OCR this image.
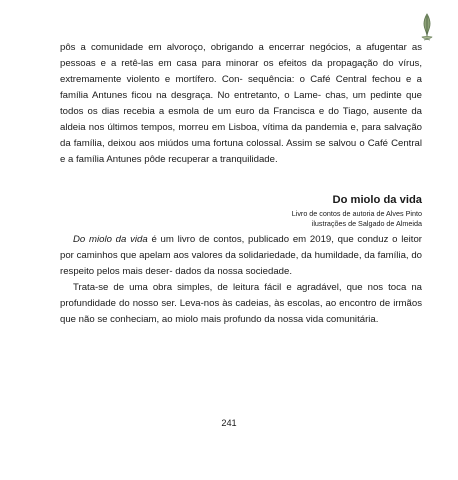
pôs a comunidade em alvoroço, obrigando a encerrar negócios, a afugentar as pessoas e a retê-las em casa para minorar os efeitos da propagação do vírus, extremamente violento e mortífero. Con- sequência: o Café Central fechou e a família Antunes ficou na desgraça. No entretanto, o Lame- chas, um pedinte que todos os dias recebia a esmola de um euro da Francisca e do Tiago, ausente da aldeia nos últimos tempos, morreu em Lisboa, vítima da pandemia e, para salvação da família, deixou aos miúdos uma fortuna colossal. Assim se salvou o Café Central e a família Antunes pôde recuperar a tranquilidade.

Do miolo da vida

Livro de contos de autoria de Alves Pinto
ilustrações de Salgado de Almeida

Do miolo da vida é um livro de contos, publicado em 2019, que conduz o leitor por caminhos que apelam aos valores da solidariedade, da humildade, da família, do respeito pelos mais deser- dados da nossa sociedade.

Trata-se de uma obra simples, de leitura fácil e agradável, que nos toca na profundidade do nosso ser. Leva-nos às cadeias, às escolas, ao encontro de irmãos que não se conheciam, ao miolo mais profundo da nossa vida comunitária.

241
